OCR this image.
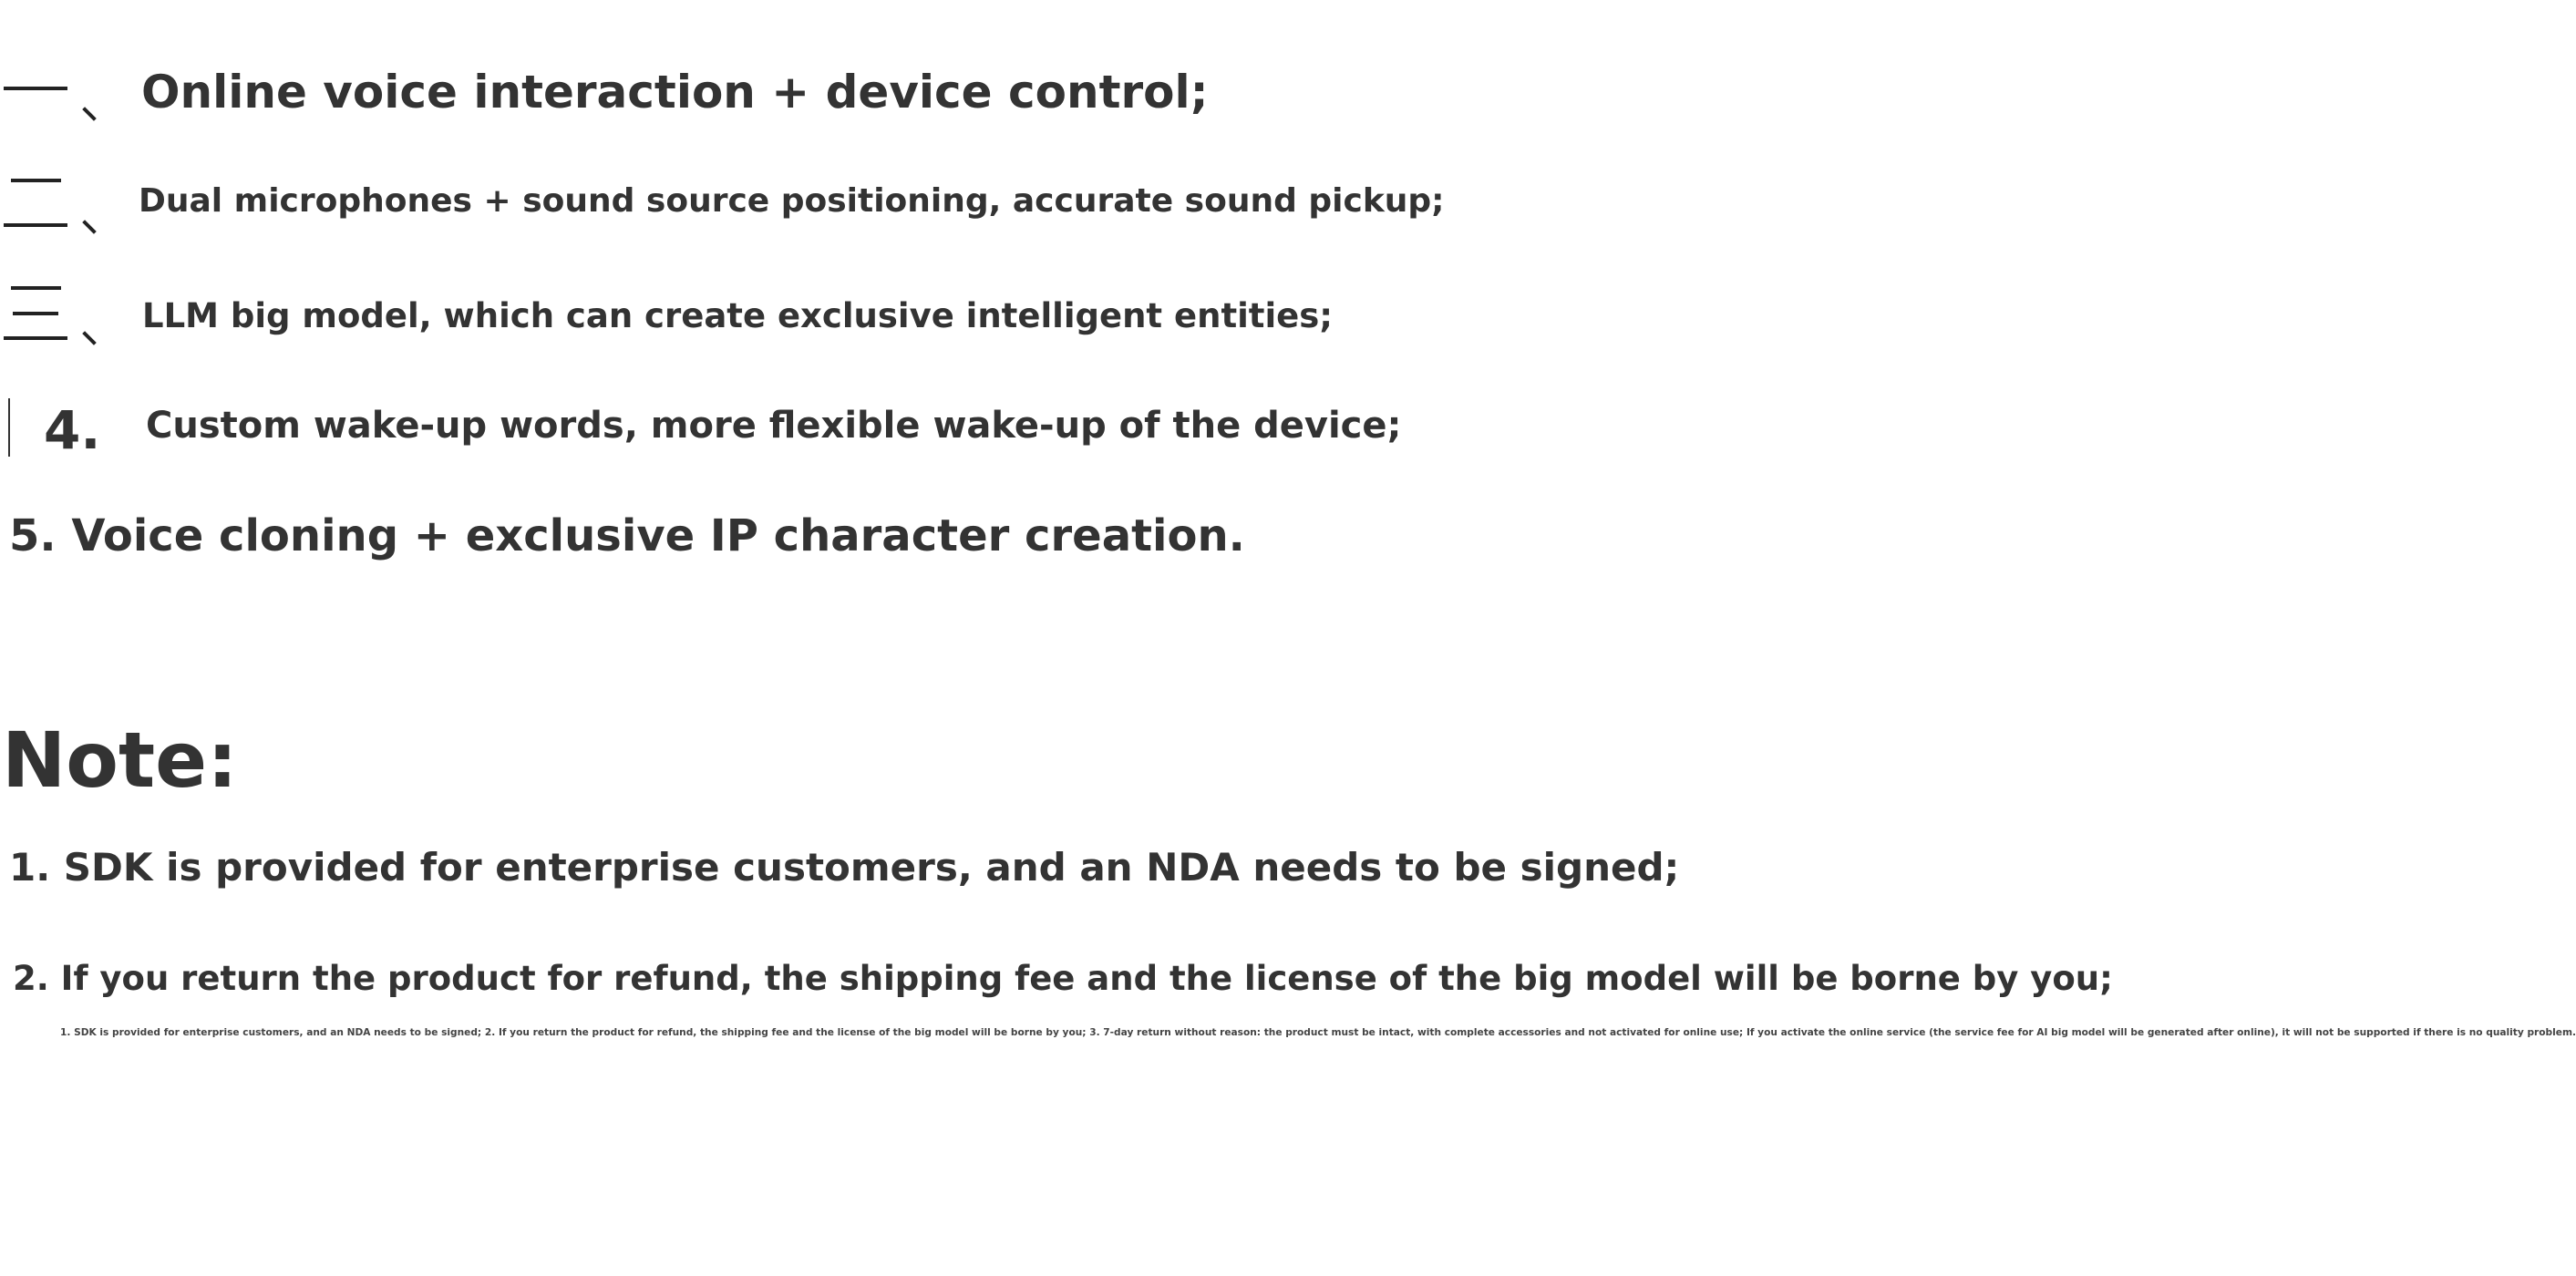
Online voice interaction + device control;
Dual microphones + sound source positioning, accurate sound pickup;
LLM big model, which can create exclusive intelligent entities;
4. Custom wake-up words, more flexible wake-up of the device;
5. Voice cloning + exclusive IP character creation.
Note:
1. SDK is provided for enterprise customers, and an NDA needs to be signed;
2. If you return the product for refund, the shipping fee and the license of the big model will be borne by you;
1. SDK is provided for enterprise customers, and an NDA needs to be signed; 2. If you return the product for refund, the shipping fee and the license of the big model will be borne by you; 3. 7-day return without reason: the product must be intact, with complete accessories and not activated for online use; If you activate the online service (the service fee for AI big model will be generated after online), it will not be supported if there is no quality problem.
